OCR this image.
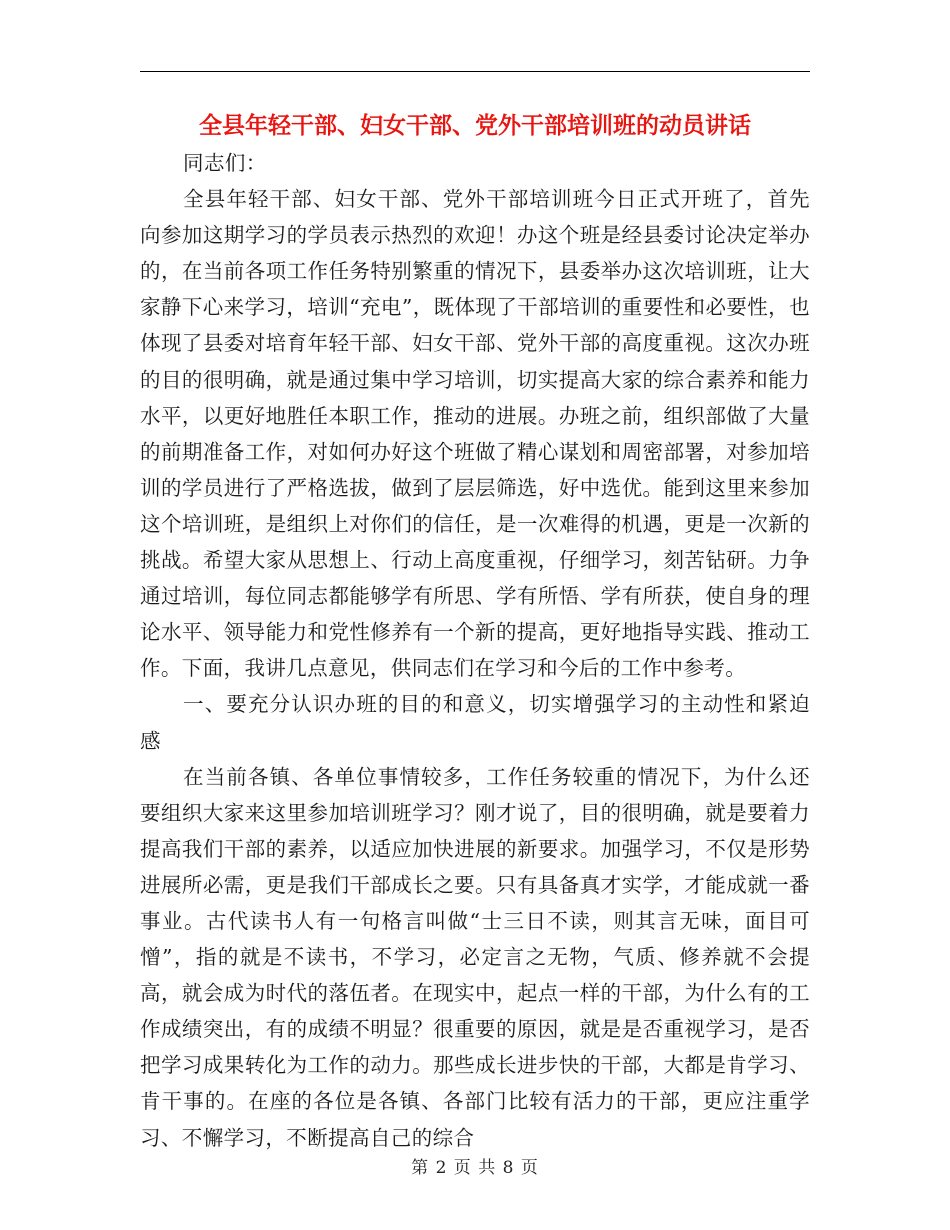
全县年轻干部、妇女干部、党外干部培训班的动员讲话

同志们：

全县年轻干部、妇女干部、党外干部培训班今日正式开班了，首先向参加这期学习的学员表示热烈的欢迎！办这个班是经县委讨论决定举办的，在当前各项工作任务特别繁重的情况下，县委举办这次培训班，让大家静下心来学习，培训“充电”，既体现了干部培训的重要性和必要性，也体现了县委对培育年轻干部、妇女干部、党外干部的高度重视。这次办班的目的很明确，就是通过集中学习培训，切实提高大家的综合素养和能力水平，以更好地胜任本职工作，推动的进展。办班之前，组织部做了大量的前期准备工作，对如何办好这个班做了精心谋划和周密部署，对参加培训的学员进行了严格选拔，做到了层层筛选，好中选优。能到这里来参加这个培训班，是组织上对你们的信任，是一次难得的机遇，更是一次新的挑战。希望大家从思想上、行动上高度重视，仔细学习，刻苦钻研。力争通过培训，每位同志都能够学有所思、学有所悟、学有所获，使自身的理论水平、领导能力和党性修养有一个新的提高，更好地指导实践、推动工作。下面，我讲几点意见，供同志们在学习和今后的工作中参考。

一、要充分认识办班的目的和意义，切实增强学习的主动性和紧迫感

在当前各镇、各单位事情较多，工作任务较重的情况下，为什么还要组织大家来这里参加培训班学习？刚才说了，目的很明确，就是要着力提高我们干部的素养，以适应加快进展的新要求。加强学习，不仅是形势进展所必需，更是我们干部成长之要。只有具备真才实学，才能成就一番事业。古代读书人有一句格言叫做“士三日不读，则其言无味，面目可憎”，指的就是不读书，不学习，必定言之无物，气质、修养就不会提高，就会成为时代的落伍者。在现实中，起点一样的干部，为什么有的工作成绩突出，有的成绩不明显？很重要的原因，就是是否重视学习，是否把学习成果转化为工作的动力。那些成长进步快的干部，大都是肯学习、肯干事的。在座的各位是各镇、各部门比较有活力的干部，更应注重学习、不懈学习，不断提高自己的综合

第 2 页 共 8 页
